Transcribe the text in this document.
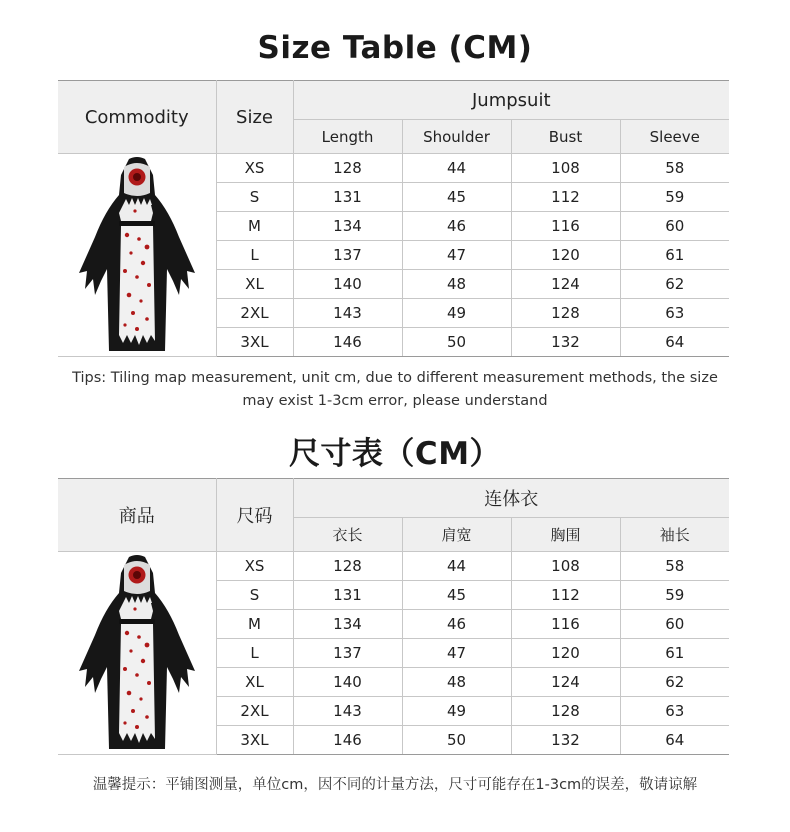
Size Table (CM)
Commodity	Size	Jumpsuit			
		Length	Shoulder	Bust	Sleeve

	XS	128	44	108	58
	S	131	45	112	59
	M	134	46	116	60
	L	137	47	120	61
	XL	140	48	124	62
	2XL	143	49	128	63
	3XL	146	50	132	64
Tips: Tiling map measurement, unit cm, due to different measurement methods, the size
may exist 1-3cm error, please understand
尺寸表（CM）
商品	尺码	连体衣			
		衣长	肩宽	胸围	袖长

	XS	128	44	108	58
	S	131	45	112	59
	M	134	46	116	60
	L	137	47	120	61
	XL	140	48	124	62
	2XL	143	49	128	63
	3XL	146	50	132	64
温馨提示：平铺图测量，单位cm，因不同的计量方法，尺寸可能存在1-3cm的误差，敬请谅解
